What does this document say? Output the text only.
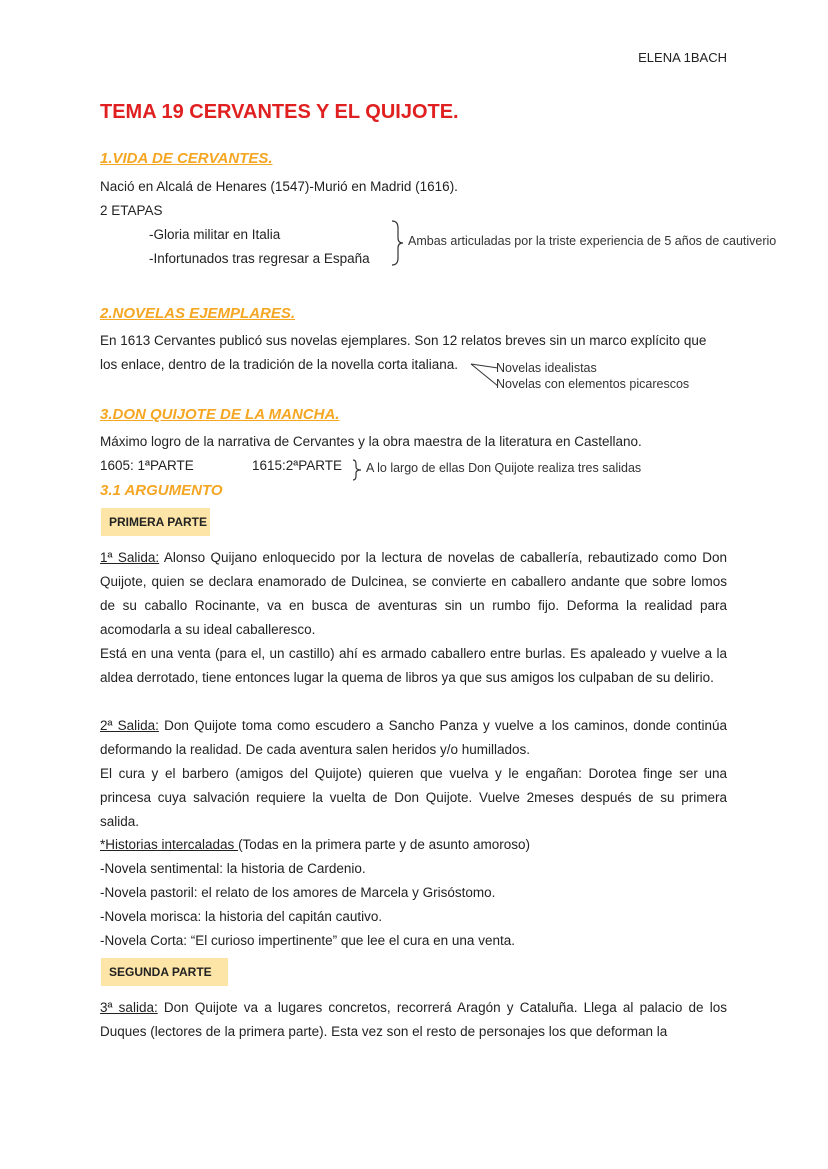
ELENA 1BACH
TEMA 19 CERVANTES Y EL QUIJOTE.
1.VIDA DE CERVANTES.
Nació en Alcalá de Henares (1547)-Murió en Madrid (1616).
2 ETAPAS
-Gloria militar en Italia
-Infortunados tras regresar a España
Ambas articuladas por la triste experiencia de 5 años de cautiverio
2.NOVELAS EJEMPLARES.
En 1613 Cervantes publicó sus novelas ejemplares. Son 12 relatos breves sin un marco explícito que
los enlace, dentro de la tradición de la novella corta italiana.	Novelas idealistas
Novelas con elementos picarescos
3.DON QUIJOTE DE LA MANCHA.
Máximo logro de la narrativa de Cervantes y la obra maestra de la literatura en Castellano.
1605: 1ªPARTE	1615:2ªPARTE A lo largo de ellas Don Quijote realiza tres salidas
3.1 ARGUMENTO
PRIMERA PARTE
1ª Salida: Alonso Quijano enloquecido por la lectura de novelas de caballería, rebautizado como Don Quijote, quien se declara enamorado de Dulcinea, se convierte en caballero andante que sobre lomos de su caballo Rocinante, va en busca de aventuras sin un rumbo fijo. Deforma la realidad para acomodarla a su ideal caballeresco.
Está en una venta (para el, un castillo) ahí es armado caballero entre burlas. Es apaleado y vuelve a la aldea derrotado, tiene entonces lugar la quema de libros ya que sus amigos los culpaban de su delirio.
2ª Salida: Don Quijote toma como escudero a Sancho Panza y vuelve a los caminos, donde continúa deformando la realidad. De cada aventura salen heridos y/o humillados.
El cura y el barbero (amigos del Quijote) quieren que vuelva y le engañan: Dorotea finge ser una princesa cuya salvación requiere la vuelta de Don Quijote. Vuelve 2meses después de su primera salida.
*Historias intercaladas (Todas en la primera parte y de asunto amoroso)
-Novela sentimental: la historia de Cardenio.
-Novela pastoril: el relato de los amores de Marcela y Grisóstomo.
-Novela morisca: la historia del capitán cautivo.
-Novela Corta: “El curioso impertinente” que lee el cura en una venta.
SEGUNDA PARTE
3ª salida: Don Quijote va a lugares concretos, recorrerá Aragón y Cataluña. Llega al palacio de los Duques (lectores de la primera parte). Esta vez son el resto de personajes los que deforman la
